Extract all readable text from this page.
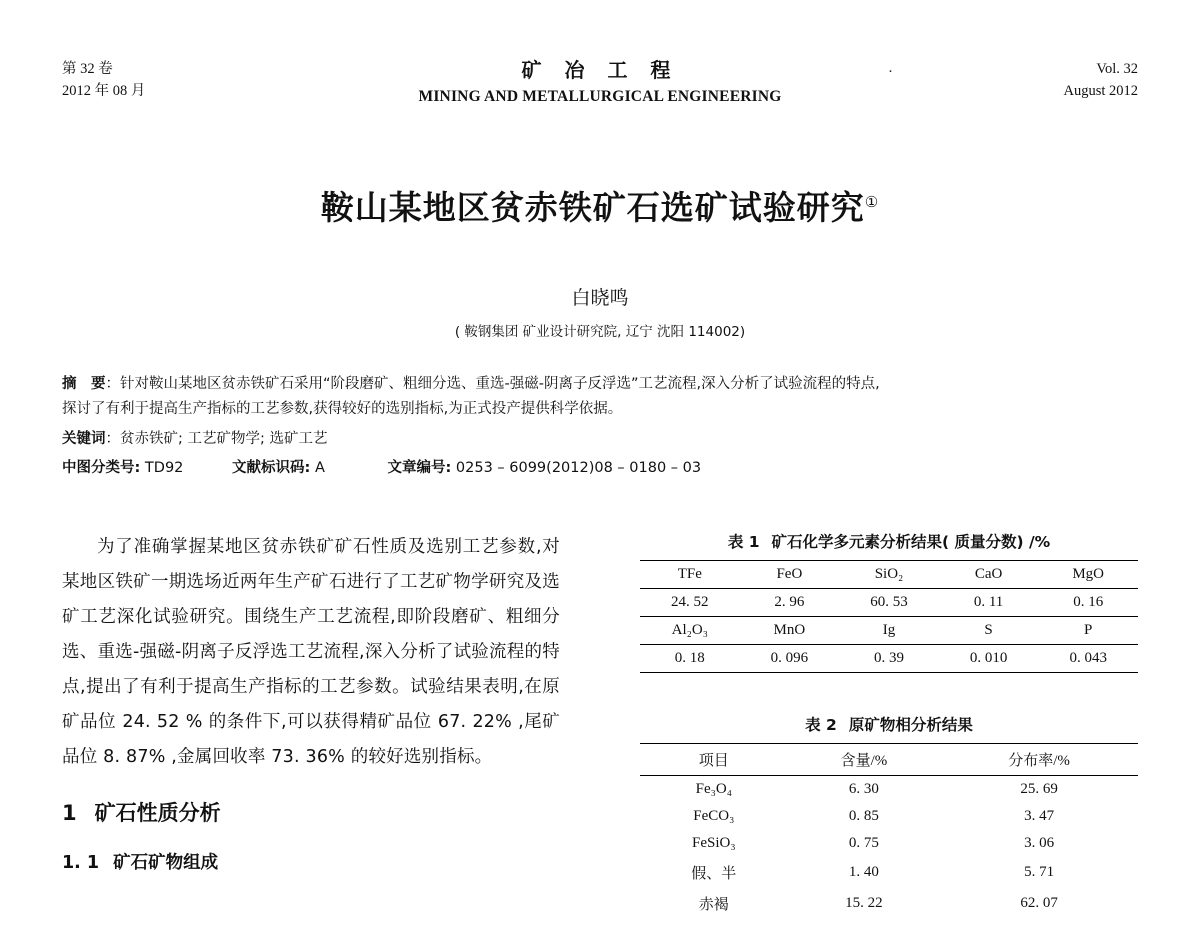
第 32 卷
2012 年 08 月
矿 冶 工 程
MINING AND METALLURGICAL ENGINEERING
Vol. 32
August 2012
·
鞍山某地区贫赤铁矿石选矿试验研究①
白晓鸣
( 鞍钢集团 矿业设计研究院, 辽宁 沈阳 114002)
摘　要：针对鞍山某地区贫赤铁矿石采用“阶段磨矿、粗细分选、重选-强磁-阴离子反浮选”工艺流程,深入分析了试验流程的特点,
探讨了有利于提高生产指标的工艺参数,获得较好的选别指标,为正式投产提供科学依据。
关键词：贫赤铁矿; 工艺矿物学; 选矿工艺
中图分类号: TD92	文献标识码: A	文章编号: 0253 – 6099(2012)08 – 0180 – 03
为了准确掌握某地区贫赤铁矿矿石性质及选别工艺参数,对某地区铁矿一期选场近两年生产矿石进行了工艺矿物学研究及选矿工艺深化试验研究。围绕生产工艺流程,即阶段磨矿、粗细分选、重选-强磁-阴离子反浮选工艺流程,深入分析了试验流程的特点,提出了有利于提高生产指标的工艺参数。试验结果表明,在原矿品位 24. 52 % 的条件下,可以获得精矿品位 67. 22% ,尾矿品位 8. 87% ,金属回收率 73. 36% 的较好选别指标。
1 矿石性质分析
1. 1 矿石矿物组成
表 1 矿石化学多元素分析结果( 质量分数) /%
TFe	FeO	SiO₂	CaO	MgO
24. 52	2. 96	60. 53	0. 11	0. 16
Al₂O₃	MnO	Ig	S	P
0. 18	0. 096	0. 39	0. 010	0. 043
表 2 原矿物相分析结果
项目	含量/%	分布率/%
Fe₃O₄	6. 30	25. 69
FeCO₃	0. 85	3. 47
FeSiO₃	0. 75	3. 06
假、半	1. 40	5. 71
赤褐	15. 22	62. 07
